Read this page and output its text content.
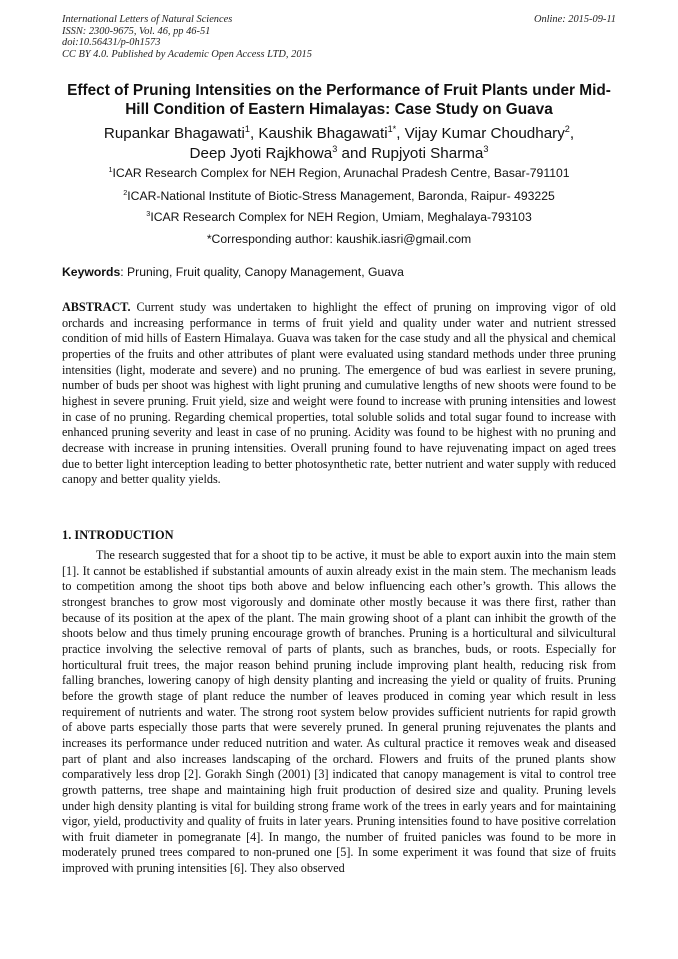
International Letters of Natural Sciences
ISSN: 2300-9675, Vol. 46, pp 46-51
doi:10.56431/p-0h1573
CC BY 4.0. Published by Academic Open Access LTD, 2015
Online: 2015-09-11
Effect of Pruning Intensities on the Performance of Fruit Plants under Mid-Hill Condition of Eastern Himalayas: Case Study on Guava
Rupankar Bhagawati$^1$, Kaushik Bhagawati$^{1*}$, Vijay Kumar Choudhary$^2$,
Deep Jyoti Rajkhowa$^3$ and Rupjyoti Sharma$^3$
$^1$ICAR Research Complex for NEH Region, Arunachal Pradesh Centre, Basar-791101
$^2$ICAR-National Institute of Biotic-Stress Management, Baronda, Raipur- 493225
$^3$ICAR Research Complex for NEH Region, Umiam, Meghalaya-793103
*Corresponding author: kaushik.iasri@gmail.com
Keywords: Pruning, Fruit quality, Canopy Management, Guava
ABSTRACT. Current study was undertaken to highlight the effect of pruning on improving vigor of old orchards and increasing performance in terms of fruit yield and quality under water and nutrient stressed condition of mid hills of Eastern Himalaya. Guava was taken for the case study and all the physical and chemical properties of the fruits and other attributes of plant were evaluated using standard methods under three pruning intensities (light, moderate and severe) and no pruning. The emergence of bud was earliest in severe pruning, number of buds per shoot was highest with light pruning and cumulative lengths of new shoots were found to be highest in severe pruning. Fruit yield, size and weight were found to increase with pruning intensities and lowest in case of no pruning. Regarding chemical properties, total soluble solids and total sugar found to increase with enhanced pruning severity and least in case of no pruning. Acidity was found to be highest with no pruning and decrease with increase in pruning intensities. Overall pruning found to have rejuvenating impact on aged trees due to better light interception leading to better photosynthetic rate, better nutrient and water supply with reduced canopy and better quality yields.
1. INTRODUCTION
The research suggested that for a shoot tip to be active, it must be able to export auxin into the main stem [1]. It cannot be established if substantial amounts of auxin already exist in the main stem. The mechanism leads to competition among the shoot tips both above and below influencing each other’s growth. This allows the strongest branches to grow most vigorously and dominate other mostly because it was there first, rather than because of its position at the apex of the plant. The main growing shoot of a plant can inhibit the growth of the shoots below and thus timely pruning encourage growth of branches. Pruning is a horticultural and silvicultural practice involving the selective removal of parts of plants, such as branches, buds, or roots. Especially for horticultural fruit trees, the major reason behind pruning include improving plant health, reducing risk from falling branches, lowering canopy of high density planting and increasing the yield or quality of fruits. Pruning before the growth stage of plant reduce the number of leaves produced in coming year which result in less requirement of nutrients and water. The strong root system below provides sufficient nutrients for rapid growth of above parts especially those parts that were severely pruned. In general pruning rejuvenates the plants and increases its performance under reduced nutrition and water. As cultural practice it removes weak and diseased part of plant and also increases landscaping of the orchard. Flowers and fruits of the pruned plants show comparatively less drop [2]. Gorakh Singh (2001) [3] indicated that canopy management is vital to control tree growth patterns, tree shape and maintaining high fruit production of desired size and quality. Pruning levels under high density planting is vital for building strong frame work of the trees in early years and for maintaining vigor, yield, productivity and quality of fruits in later years. Pruning intensities found to have positive correlation with fruit diameter in pomegranate [4]. In mango, the number of fruited panicles was found to be more in moderately pruned trees compared to non-pruned one [5]. In some experiment it was found that size of fruits improved with pruning intensities [6]. They also observed
